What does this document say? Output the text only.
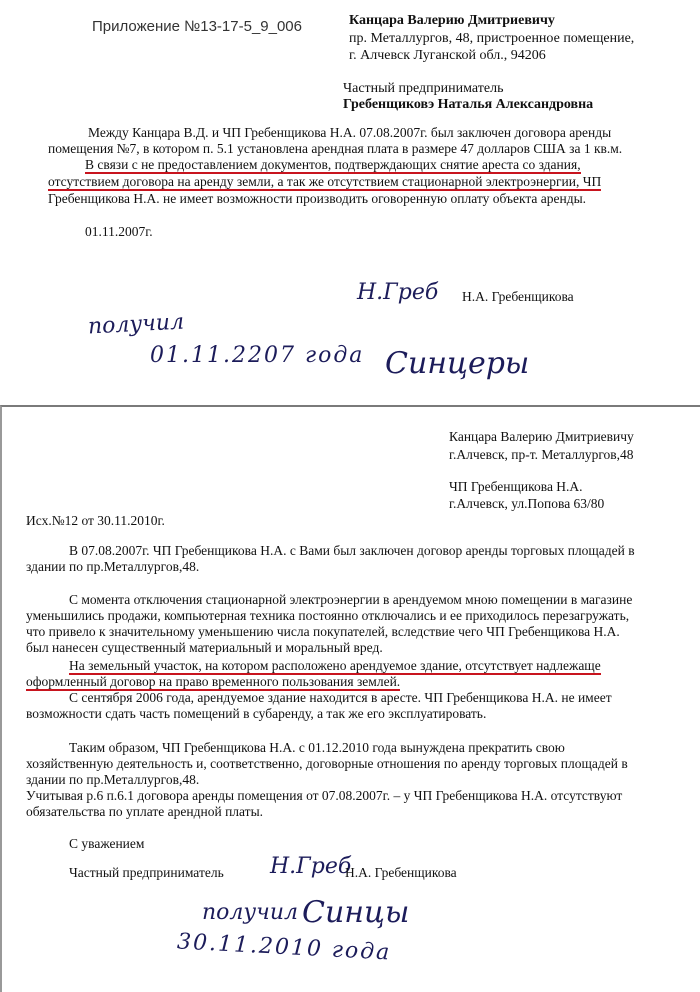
Приложение №13-17-5_9_006	Канцара Валерию Дмитриевичу
пр. Металлургов, 48, пристроенное помещение,
г. Алчевск Луганской обл., 94206
Частный предприниматель
Гребенщиковэ Наталья Александровна
Между Канцара В.Д. и ЧП Гребенщикова Н.А. 07.08.2007г. был заключен договора аренды
помещения №7, в котором п. 5.1 установлена арендная плата в размере 47 долларов США за 1 кв.м.
В связи с не предоставлением документов, подтверждающих снятие ареста со здания,
отсутствием договора на аренду земли, а так же отсутствием стационарной электроэнергии, ЧП
Гребенщикова Н.А. не имеет возможности производить оговоренную оплату объекта аренды.
01.11.2007г.
Н.Греб Н.А. Гребенщикова
получил
01.11.2207 года Синцеры
Канцара Валерию Дмитриевичу
г.Алчевск, пр-т. Металлургов,48
ЧП Гребенщикова Н.А.
г.Алчевск, ул.Попова 63/80
Исх.№12 от 30.11.2010г.
В 07.08.2007г. ЧП Гребенщикова Н.А. с Вами был заключен договор аренды торговых площадей в
здании по пр.Металлургов,48.
С момента отключения стационарной электроэнергии в арендуемом мною помещении в магазине
уменьшились продажи, компьютерная техника постоянно отключались и ее приходилось перезагружать,
что привело к значительному уменьшению числа покупателей, вследствие чего ЧП Гребенщикова Н.А.
был нанесен существенный материальный и моральный вред.
На земельный участок, на котором расположено арендуемое здание, отсутствует надлежаще
оформленный договор на право временного пользования землей.
С сентября 2006 года, арендуемое здание находится в аресте. ЧП Гребенщикова Н.А. не имеет
возможности сдать часть помещений в субаренду, а так же его эксплуатировать.
Таким образом, ЧП Гребенщикова Н.А. с 01.12.2010 года вынуждена прекратить свою
хозяйственную деятельность и, соответственно, договорные отношения по аренду торговых площадей в
здании по пр.Металлургов,48.
Учитывая р.6 п.6.1 договора аренды помещения от 07.08.2007г. – у ЧП Гребенщикова Н.А. отсутствуют
обязательства по уплате арендной платы.
С уважением
Частный предприниматель Н.Греб
Н.А. Гребенщикова
получил Синцы
30.11.2010 года
